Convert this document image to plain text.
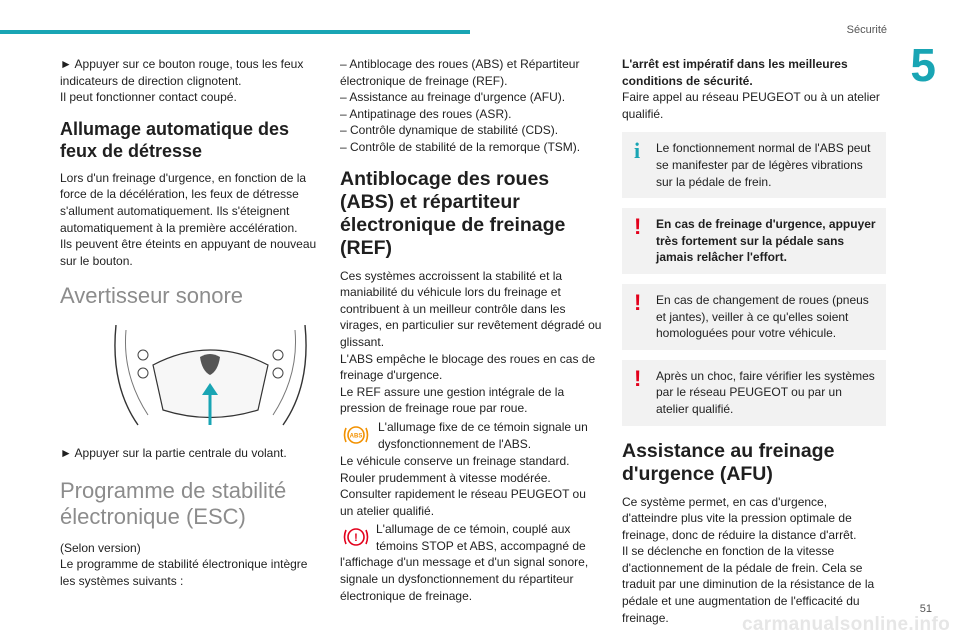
Sécurité
5

► Appuyer sur ce bouton rouge, tous les feux indicateurs de direction clignotent.

Il peut fonctionner contact coupé.

Allumage automatique des feux de détresse

Lors d'un freinage d'urgence, en fonction de la force de la décélération, les feux de détresse s'allument automatiquement. Ils s'éteignent automatiquement à la première accélération.

Ils peuvent être éteints en appuyant de nouveau sur le bouton.

Avertisseur sonore

► Appuyer sur la partie centrale du volant.

Programme de stabilité électronique (ESC)

(Selon version)

Le programme de stabilité électronique intègre les systèmes suivants :

– Antiblocage des roues (ABS) et Répartiteur électronique de freinage (REF).

– Assistance au freinage d'urgence (AFU).

– Antipatinage des roues (ASR).

– Contrôle dynamique de stabilité (CDS).

– Contrôle de stabilité de la remorque (TSM).

Antiblocage des roues (ABS) et répartiteur électronique de freinage (REF)

Ces systèmes accroissent la stabilité et la maniabilité du véhicule lors du freinage et contribuent à un meilleur contrôle dans les virages, en particulier sur revêtement dégradé ou glissant.

L'ABS empêche le blocage des roues en cas de freinage d'urgence.

Le REF assure une gestion intégrale de la pression de freinage roue par roue.

ABS

L'allumage fixe de ce témoin signale un dysfonctionnement de l'ABS.

Le véhicule conserve un freinage standard.

Rouler prudemment à vitesse modérée.

Consulter rapidement le réseau PEUGEOT ou un atelier qualifié.

!

L'allumage de ce témoin, couplé aux témoins STOP et ABS, accompagné de l'affichage d'un message et d'un signal sonore, signale un dysfonctionnement du répartiteur électronique de freinage.

L'arrêt est impératif dans les meilleures conditions de sécurité.

Faire appel au réseau PEUGEOT ou à un atelier qualifié.

i Le fonctionnement normal de l'ABS peut se manifester par de légères vibrations sur la pédale de frein.

! En cas de freinage d'urgence, appuyer très fortement sur la pédale sans jamais relâcher l'effort.

! En cas de changement de roues (pneus et jantes), veiller à ce qu'elles soient homologuées pour votre véhicule.

! Après un choc, faire vérifier les systèmes par le réseau PEUGEOT ou par un atelier qualifié.

Assistance au freinage d'urgence (AFU)

Ce système permet, en cas d'urgence, d'atteindre plus vite la pression optimale de freinage, donc de réduire la distance d'arrêt.

Il se déclenche en fonction de la vitesse d'actionnement de la pédale de frein. Cela se traduit par une diminution de la résistance de la pédale et une augmentation de l'efficacité du freinage.

51
carmanualsonline.info
